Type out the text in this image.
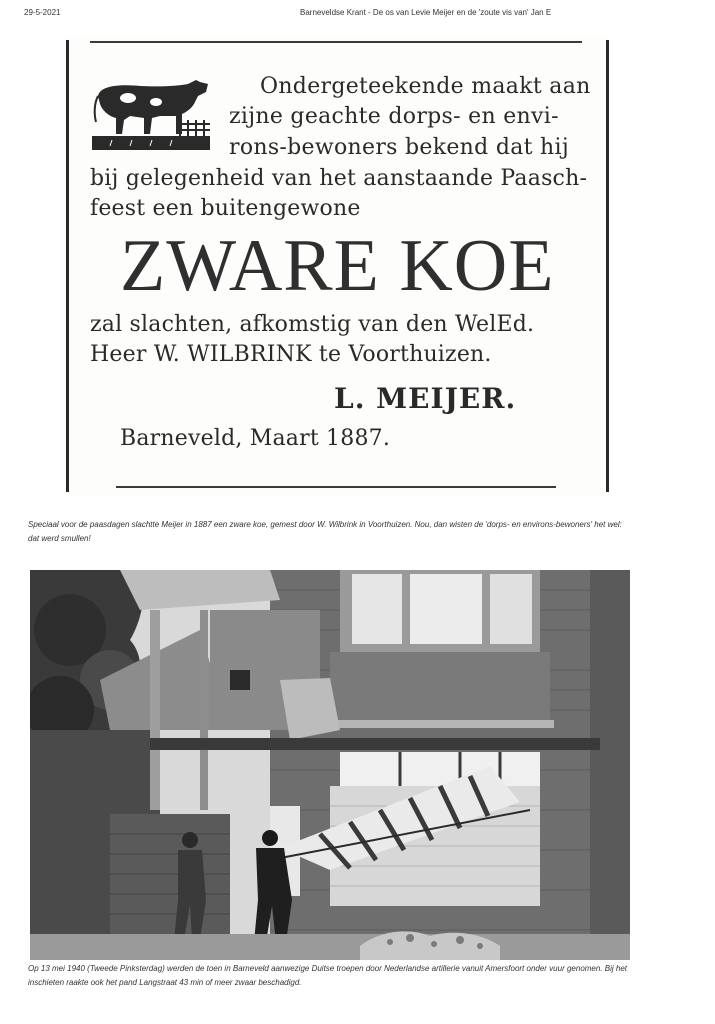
29-5-2021	Barneveldse Krant - De os van Levie Meijer en de 'zoute vis van' Jan E
Ondergeteekende maakt aan
zijne geachte dorps- en envi-
rons-bewoners bekend dat hij
bij gelegenheid van het aanstaande Paasch-
feest een buitengewone
ZWARE KOE
zal slachten, afkomstig van den WelEd.
Heer W. WILBRINK te Voorthuizen.
L. MEIJER.
Barneveld, Maart 1887.

Speciaal voor de paasdagen slachtte Meijer in 1887 een zware koe, gemest door W. Wilbrink in Voorthuizen. Nou, dan wisten de 'dorps- en environs-bewoners' het wel: dat werd smullen!

Op 13 mei 1940 (Tweede Pinksterdag) werden de toen in Barneveld aanwezige Duitse troepen door Nederlandse artillerie vanuit Amersfoort onder vuur genomen. Bij het inschieten raakte ook het pand Langstraat 43 min of meer zwaar beschadigd.
